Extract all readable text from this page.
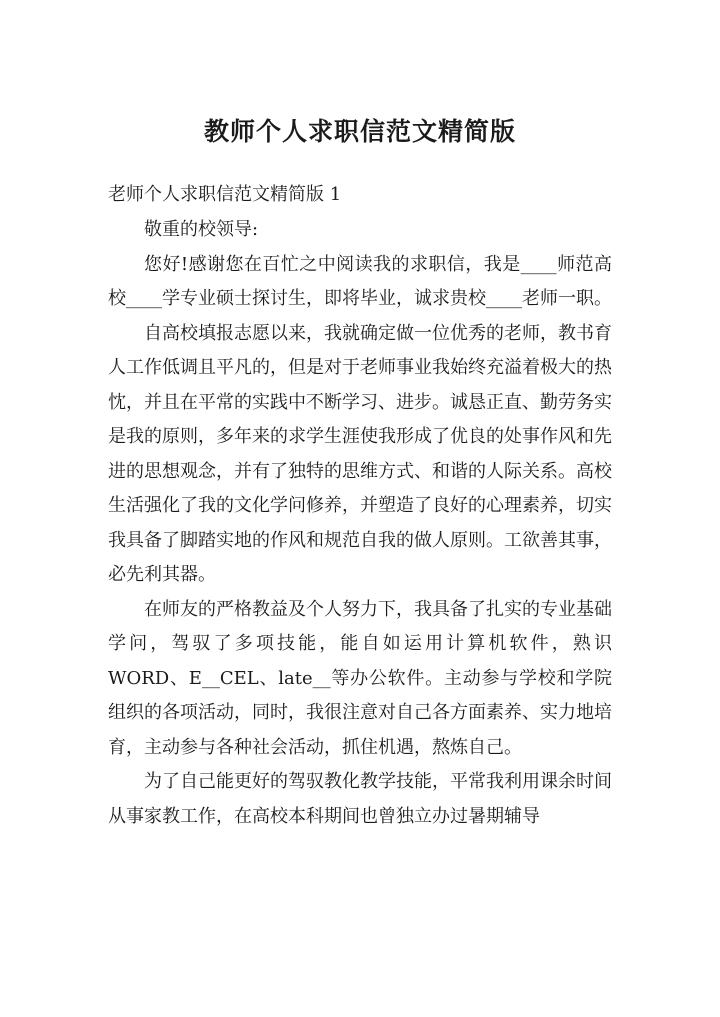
教师个人求职信范文精简版
老师个人求职信范文精简版 1

敬重的校领导:

您好!感谢您在百忙之中阅读我的求职信，我是____师范高校____学专业硕士探讨生，即将毕业，诚求贵校____老师一职。

自高校填报志愿以来，我就确定做一位优秀的老师，教书育人工作低调且平凡的，但是对于老师事业我始终充溢着极大的热忱，并且在平常的实践中不断学习、进步。诚恳正直、勤劳务实是我的原则，多年来的求学生涯使我形成了优良的处事作风和先进的思想观念，并有了独特的思维方式、和谐的人际关系。高校生活强化了我的文化学问修养，并塑造了良好的心理素养，切实我具备了脚踏实地的作风和规范自我的做人原则。工欲善其事，必先利其器。

在师友的严格教益及个人努力下，我具备了扎实的专业基础学问，驾驭了多项技能，能自如运用计算机软件，熟识WORD、E__CEL、late__等办公软件。主动参与学校和学院组织的各项活动，同时，我很注意对自己各方面素养、实力地培育，主动参与各种社会活动，抓住机遇，熬炼自己。

为了自己能更好的驾驭教化教学技能，平常我利用课余时间从事家教工作，在高校本科期间也曾独立办过暑期辅导
